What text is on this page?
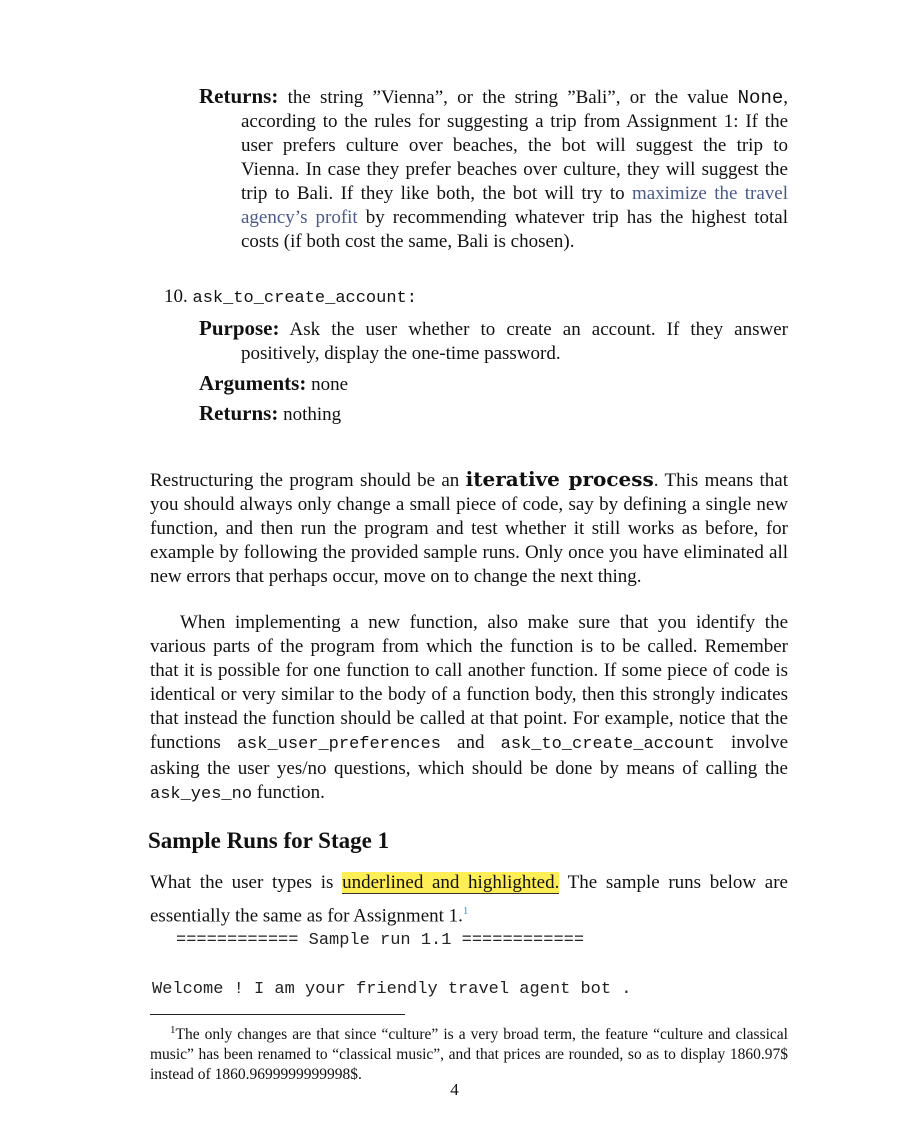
Returns: the string ”Vienna”, or the string ”Bali”, or the value None, according to the rules for suggesting a trip from Assignment 1: If the user prefers culture over beaches, the bot will suggest the trip to Vienna. In case they prefer beaches over culture, they will suggest the trip to Bali. If they like both, the bot will try to maximize the travel agency’s profit by recommending whatever trip has the highest total costs (if both cost the same, Bali is chosen).
10. ask_to_create_account:
Purpose: Ask the user whether to create an account. If they answer positively, display the one-time password.
Arguments: none
Returns: nothing
Restructuring the program should be an iterative process. This means that you should always only change a small piece of code, say by defining a single new function, and then run the program and test whether it still works as before, for example by following the provided sample runs. Only once you have eliminated all new errors that perhaps occur, move on to change the next thing.
When implementing a new function, also make sure that you identify the various parts of the program from which the function is to be called. Remember that it is possible for one function to call another function. If some piece of code is identical or very similar to the body of a function body, then this strongly indicates that instead the function should be called at that point. For example, notice that the functions ask_user_preferences and ask_to_create_account involve asking the user yes/no questions, which should be done by means of calling the ask_yes_no function.
Sample Runs for Stage 1
What the user types is underlined and highlighted. The sample runs below are essentially the same as for Assignment 1.$^1$
============ Sample run 1.1 ============
Welcome ! I am your friendly travel agent bot .
$^1$The only changes are that since “culture” is a very broad term, the feature “culture and classical music” has been renamed to “classical music”, and that prices are rounded, so as to display 1860.97$ instead of 1860.9699999999998$.
4
